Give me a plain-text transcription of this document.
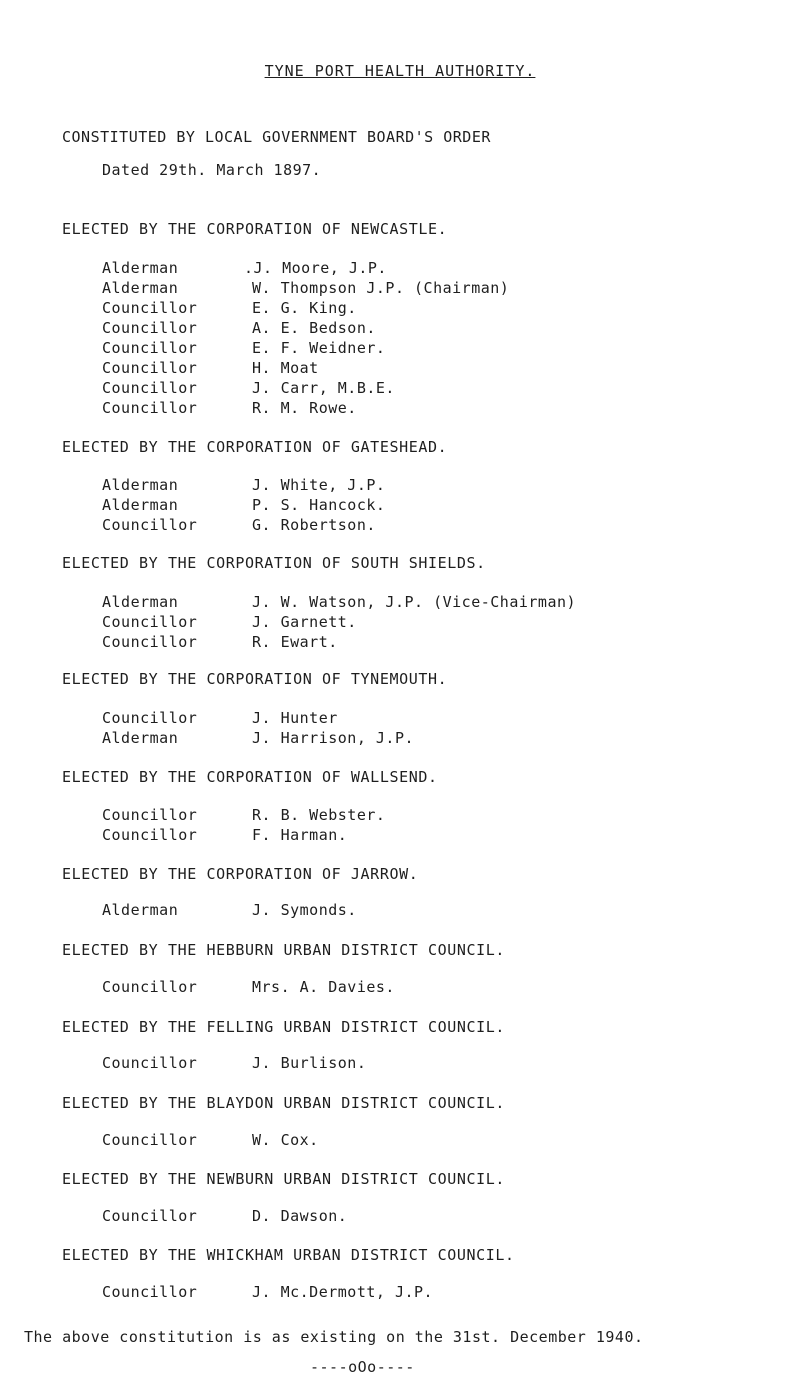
TYNE PORT HEALTH AUTHORITY.
CONSTITUTED BY LOCAL GOVERNMENT BOARD'S ORDER
Dated 29th. March 1897.
ELECTED BY THE CORPORATION OF NEWCASTLE.
Alderman	.J. Moore, J.P.
Alderman	W. Thompson J.P. (Chairman)
Councillor	E. G. King.
Councillor	A. E. Bedson.
Councillor	E. F. Weidner.
Councillor	H. Moat
Councillor	J. Carr, M.B.E.
Councillor	R. M. Rowe.
ELECTED BY THE CORPORATION OF GATESHEAD.
Alderman	J. White, J.P.
Alderman	P. S. Hancock.
Councillor	G. Robertson.
ELECTED BY THE CORPORATION OF SOUTH SHIELDS.
Alderman	J. W. Watson, J.P. (Vice-Chairman)
Councillor	J. Garnett.
Councillor	R. Ewart.
ELECTED BY THE CORPORATION OF TYNEMOUTH.
Councillor	J. Hunter
Alderman	J. Harrison, J.P.
ELECTED BY THE CORPORATION OF WALLSEND.
Councillor	R. B. Webster.
Councillor	F. Harman.
ELECTED BY THE CORPORATION OF JARROW.
Alderman	J. Symonds.
ELECTED BY THE HEBBURN URBAN DISTRICT COUNCIL.
Councillor	Mrs. A. Davies.
ELECTED BY THE FELLING URBAN DISTRICT COUNCIL.
Councillor	J. Burlison.
ELECTED BY THE BLAYDON URBAN DISTRICT COUNCIL.
Councillor	W. Cox.
ELECTED BY THE NEWBURN URBAN DISTRICT COUNCIL.
Councillor	D. Dawson.
ELECTED BY THE WHICKHAM URBAN DISTRICT COUNCIL.
Councillor	J. Mc.Dermott, J.P.
The above constitution is as existing on the 31st. December 1940.
----oOo----
